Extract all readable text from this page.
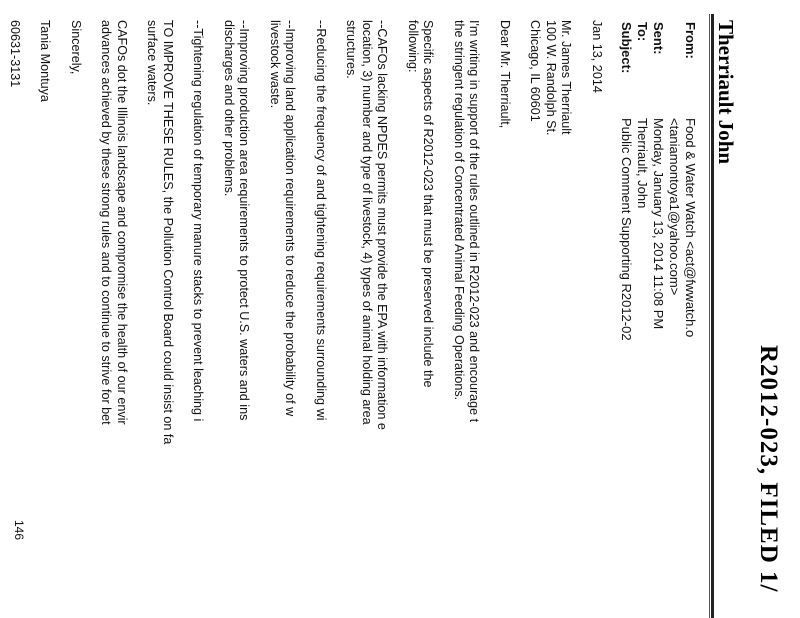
R2012-023, FILED 1/
Therriault John
From:
Food & Water Watch <act@fwwatch.o
<taniamontoya1@yahoo.com>
Sent:
Monday, January 13, 2014 11:08 PM
To:
Therriault, John
Subject:
Public Comment Supporting R2012-02

Jan 13, 2014

Mr. James Therriault
100 W. Randolph St.
Chicago, IL 60601

Dear Mr. Therriault,

I'm writing in support of the rules outlined in R2012-023 and encourage t
the stringent regulation of Concentrated Animal Feeding Operations.

Specific aspects of R2012-023 that must be preserved include the
following:

--CAFOs lacking NPDES permits must provide the EPA with information e
location, 3) number and type of livestock, 4) types of animal holding area
structures.

--Reducing the frequency of and tightening requirements surrounding wi

--Improving land application requirements to reduce the probability of w
livestock waste.

--Improving production area requirements to protect U.S. waters and ins
discharges and other problems.

--Tightening regulation of temporary manure stacks to prevent leaching i

TO IMPROVE THESE RULES, the Pollution Control Board could insist on fa
surface waters.

CAFOs dot the Illinois landscape and compromise the health of our envir
advances achieved by these strong rules and to continue to strive for bet

Sincerely,

Tania Montuya

60631-3131

146
